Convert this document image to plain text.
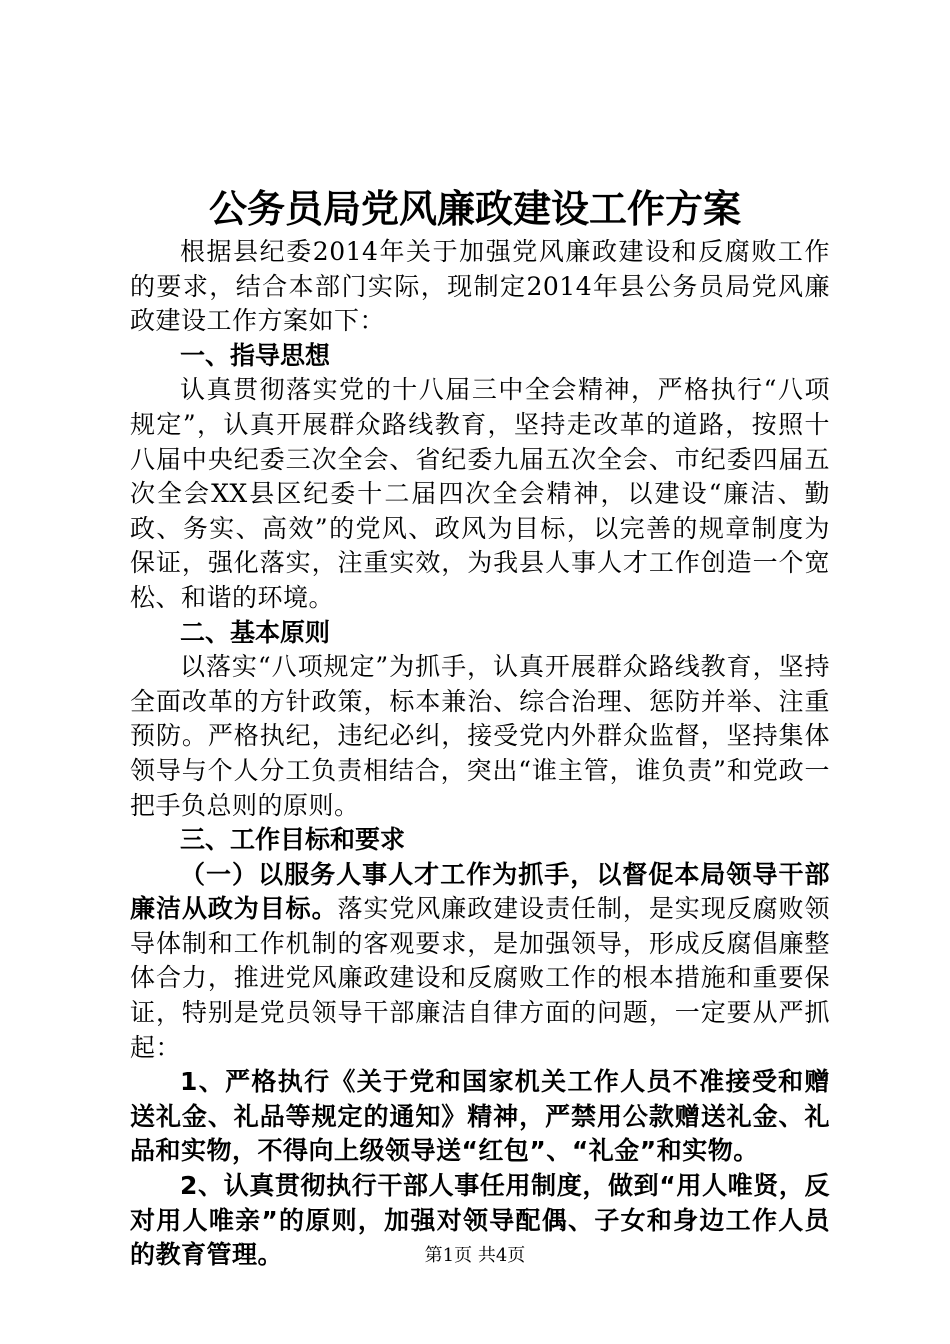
公务员局党风廉政建设工作方案

根据县纪委2014年关于加强党风廉政建设和反腐败工作的要求，结合本部门实际，现制定2014年县公务员局党风廉政建设工作方案如下：

一、指导思想

认真贯彻落实党的十八届三中全会精神，严格执行“八项规定”，认真开展群众路线教育，坚持走改革的道路，按照十八届中央纪委三次全会、省纪委九届五次全会、市纪委四届五次全会XX县区纪委十二届四次全会精神，以建设“廉洁、勤政、务实、高效”的党风、政风为目标，以完善的规章制度为保证，强化落实，注重实效，为我县人事人才工作创造一个宽松、和谐的环境。

二、基本原则

以落实“八项规定”为抓手，认真开展群众路线教育，坚持全面改革的方针政策，标本兼治、综合治理、惩防并举、注重预防。严格执纪，违纪必纠，接受党内外群众监督，坚持集体领导与个人分工负责相结合，突出“谁主管，谁负责”和党政一把手负总则的原则。

三、工作目标和要求

（一）以服务人事人才工作为抓手，以督促本局领导干部廉洁从政为目标。落实党风廉政建设责任制，是实现反腐败领导体制和工作机制的客观要求，是加强领导，形成反腐倡廉整体合力，推进党风廉政建设和反腐败工作的根本措施和重要保证，特别是党员领导干部廉洁自律方面的问题，一定要从严抓起：

1、严格执行《关于党和国家机关工作人员不准接受和赠送礼金、礼品等规定的通知》精神，严禁用公款赠送礼金、礼品和实物，不得向上级领导送“红包”、“礼金”和实物。

2、认真贯彻执行干部人事任用制度，做到“用人唯贤，反对用人唯亲”的原则，加强对领导配偶、子女和身边工作人员的教育管理。	第1页 共4页
